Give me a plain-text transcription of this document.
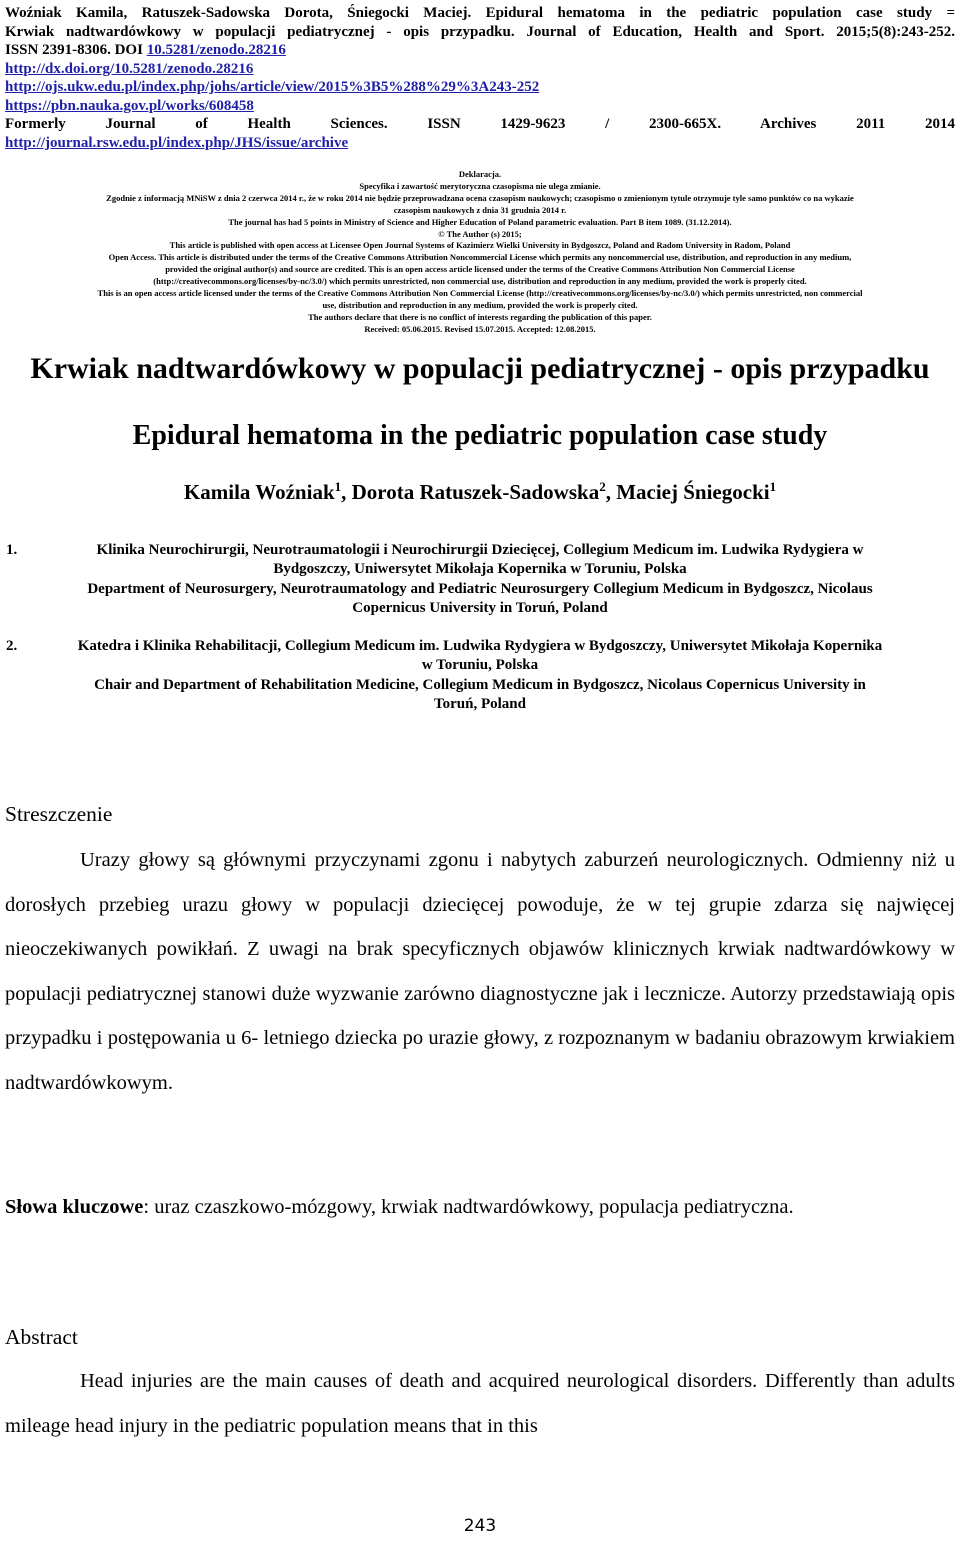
Woźniak Kamila, Ratuszek-Sadowska Dorota, Śniegocki Maciej. Epidural hematoma in the pediatric population case study =
Krwiak nadtwardówkowy w populacji pediatrycznej - opis przypadku. Journal of Education, Health and Sport. 2015;5(8):243-252.
ISSN 2391-8306. DOI 10.5281/zenodo.28216
http://dx.doi.org/10.5281/zenodo.28216
http://ojs.ukw.edu.pl/index.php/johs/article/view/2015%3B5%288%29%3A243-252
https://pbn.nauka.gov.pl/works/608458
Formerly Journal of Health Sciences. ISSN 1429-9623 / 2300-665X. Archives 2011 2014
http://journal.rsw.edu.pl/index.php/JHS/issue/archive
Deklaracja.
Specyfika i zawartość merytoryczna czasopisma nie ulega zmianie.
Zgodnie z informacją MNiSW z dnia 2 czerwca 2014 r., że w roku 2014 nie będzie przeprowadzana ocena czasopism naukowych; czasopismo o zmienionym tytule otrzymuje tyle samo punktów co na wykazie
czasopism naukowych z dnia 31 grudnia 2014 r.
The journal has had 5 points in Ministry of Science and Higher Education of Poland parametric evaluation. Part B item 1089. (31.12.2014).
© The Author (s) 2015;
This article is published with open access at Licensee Open Journal Systems of Kazimierz Wielki University in Bydgoszcz, Poland and Radom University in Radom, Poland
Open Access. This article is distributed under the terms of the Creative Commons Attribution Noncommercial License which permits any noncommercial use, distribution, and reproduction in any medium,
provided the original author(s) and source are credited. This is an open access article licensed under the terms of the Creative Commons Attribution Non Commercial License
(http://creativecommons.org/licenses/by-nc/3.0/) which permits unrestricted, non commercial use, distribution and reproduction in any medium, provided the work is properly cited.
This is an open access article licensed under the terms of the Creative Commons Attribution Non Commercial License (http://creativecommons.org/licenses/by-nc/3.0/) which permits unrestricted, non commercial
use, distribution and reproduction in any medium, provided the work is properly cited.
The authors declare that there is no conflict of interests regarding the publication of this paper.
Received: 05.06.2015. Revised 15.07.2015. Accepted: 12.08.2015.
Krwiak nadtwardówkowy w populacji pediatrycznej - opis przypadku
Epidural hematoma in the pediatric population case study
Kamila Woźniak$^1$, Dorota Ratuszek-Sadowska$^2$, Maciej Śniegocki$^1$
1.	Klinika Neurochirurgii, Neurotraumatologii i Neurochirurgii Dziecięcej, Collegium Medicum im. Ludwika Rydygiera w
Bydgoszczy, Uniwersytet Mikołaja Kopernika w Toruniu, Polska
Department of Neurosurgery, Neurotraumatology and Pediatric Neurosurgery Collegium Medicum in Bydgoszcz, Nicolaus
Copernicus University in Toruń, Poland
2.	Katedra i Klinika Rehabilitacji, Collegium Medicum im. Ludwika Rydygiera w Bydgoszczy, Uniwersytet Mikołaja Kopernika
w Toruniu, Polska
Chair and Department of Rehabilitation Medicine, Collegium Medicum in Bydgoszcz, Nicolaus Copernicus University in
Toruń, Poland
Streszczenie
Urazy głowy są głównymi przyczynami zgonu i nabytych zaburzeń neurologicznych. Odmienny niż u dorosłych przebieg urazu głowy w populacji dziecięcej powoduje, że w tej grupie zdarza się najwięcej nieoczekiwanych powikłań. Z uwagi na brak specyficznych objawów klinicznych krwiak nadtwardówkowy w populacji pediatrycznej stanowi duże wyzwanie zarówno diagnostyczne jak i lecznicze. Autorzy przedstawiają opis przypadku i postępowania u 6- letniego dziecka po urazie głowy, z rozpoznanym w badaniu obrazowym krwiakiem nadtwardówkowym.
Słowa kluczowe: uraz czaszkowo-mózgowy, krwiak nadtwardówkowy, populacja pediatryczna.
Abstract
Head injuries are the main causes of death and acquired neurological disorders. Differently than adults mileage head injury in the pediatric population means that in this
243
